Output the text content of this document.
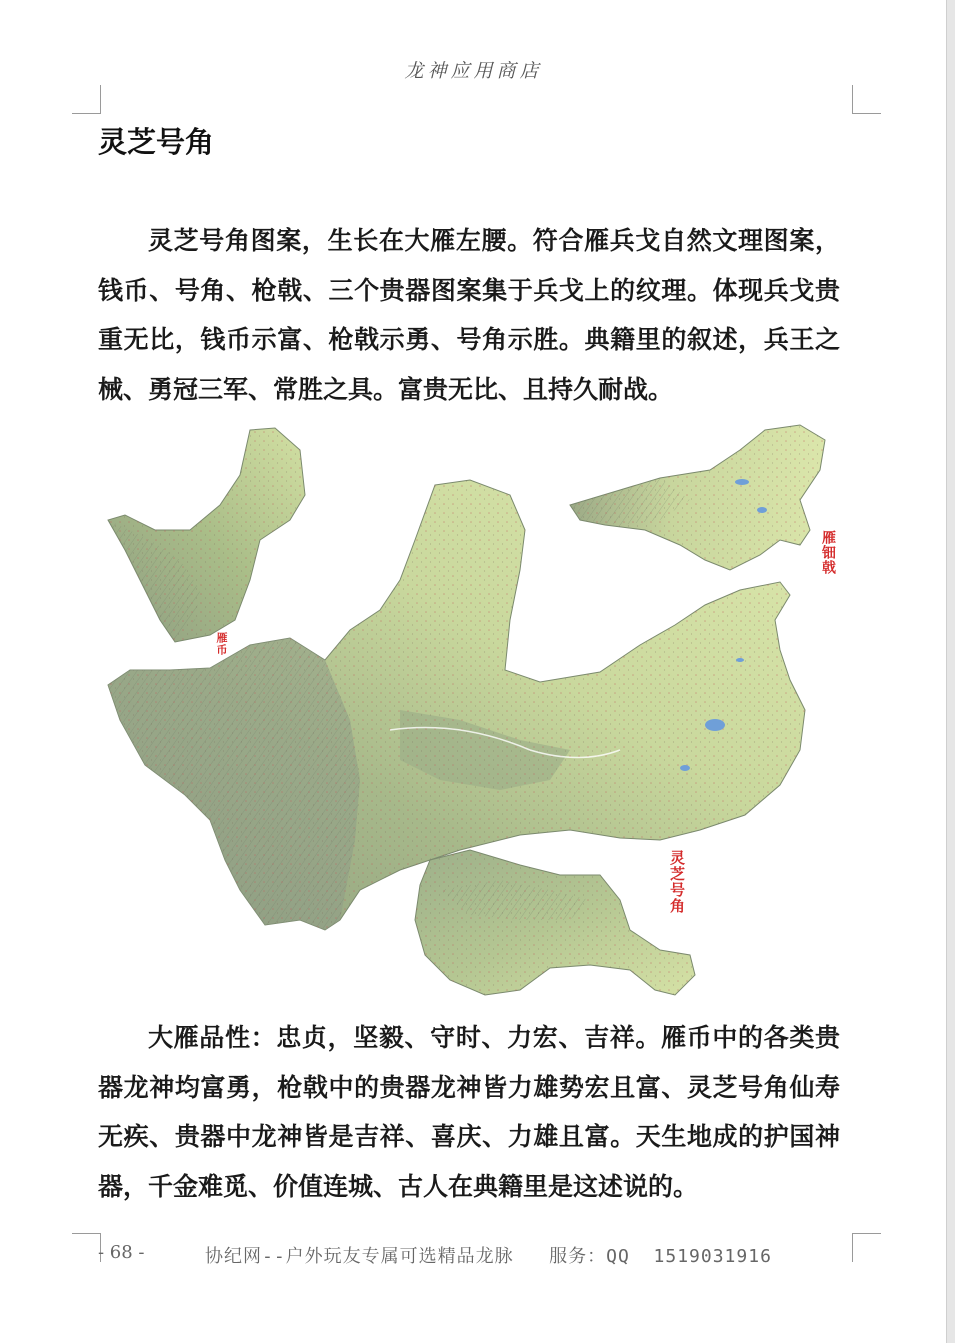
龙神应用商店
灵芝号角
灵芝号角图案，生长在大雁左腰。符合雁兵戈自然文理图案，钱币、号角、枪戟、三个贵器图案集于兵戈上的纹理。体现兵戈贵重无比，钱币示富、枪戟示勇、号角示胜。典籍里的叙述，兵王之械、勇冠三军、常胜之具。富贵无比、且持久耐战。
雁币
雁钿戟
灵芝号角
大雁品性：忠贞，坚毅、守时、力宏、吉祥。雁币中的各类贵器龙神均富勇，枪戟中的贵器龙神皆力雄势宏且富、灵芝号角仙寿无疾、贵器中龙神皆是吉祥、喜庆、力雄且富。天生地成的护国神器，千金难觅、价值连城、古人在典籍里是这述说的。
- 68 -	协纪网--户外玩友专属可选精品龙脉   服务：QQ  1519031916
